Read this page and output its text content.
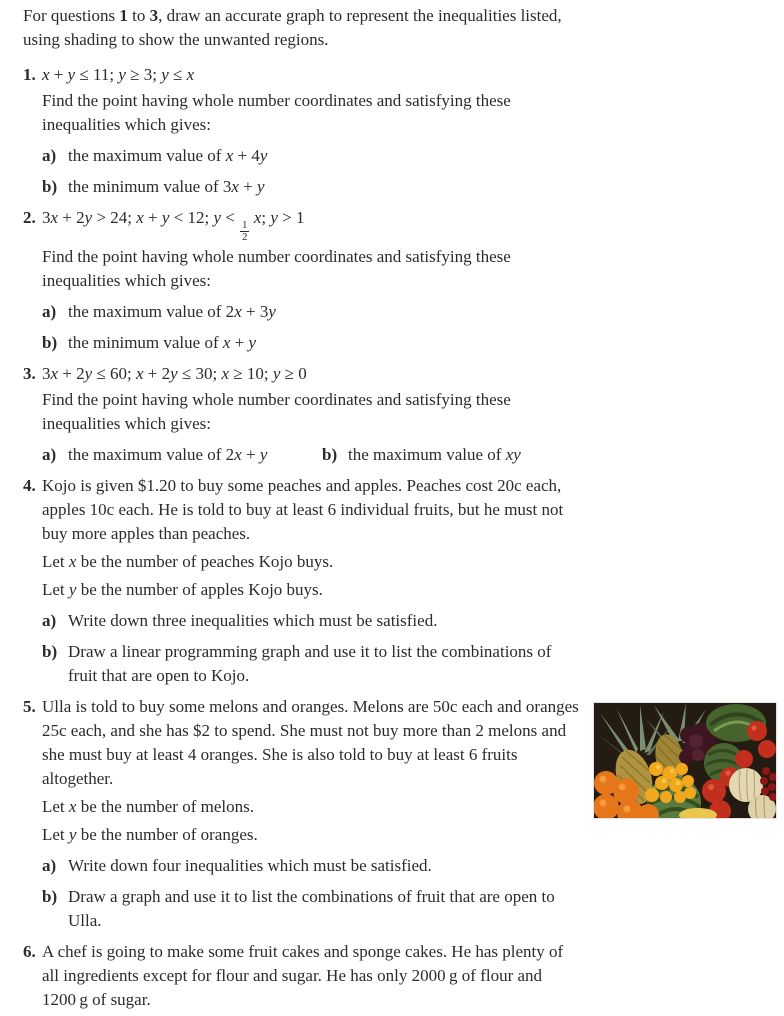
For questions 1 to 3, draw an accurate graph to represent the inequalities listed, using shading to show the unwanted regions.

1. x + y ≤ 11; y ≥ 3; y ≤ x

Find the point having whole number coordinates and satisfying these inequalities which gives:

a) the maximum value of x + 4y
b) the minimum value of 3x + y
2. 3x + 2y > 24; x + y < 12; y <
$\frac{1}{2}$
 x; y > 1

Find the point having whole number coordinates and satisfying these inequalities which gives:

a) the maximum value of 2x + 3y
b) the minimum value of x + y
3. 3x + 2y ≤ 60; x + 2y ≤ 30; x ≥ 10; y ≥ 0

Find the point having whole number coordinates and satisfying these inequalities which gives:

a) the maximum value of 2x + y	b) the maximum value of xy
4. Kojo is given $1.20 to buy some peaches and apples. Peaches cost 20c each, apples 10c each. He is told to buy at least 6 individual fruits, but he must not buy more apples than peaches.

Let x be the number of peaches Kojo buys.

Let y be the number of apples Kojo buys.

a) Write down three inequalities which must be satisfied.
b) Draw a linear programming graph and use it to list the combinations of fruit that are open to Kojo.
5. Ulla is told to buy some melons and oranges. Melons are 50c each and oranges 25c each, and she has $2 to spend. She must not buy more than 2 melons and she must buy at least 4 oranges. She is also told to buy at least 6 fruits altogether.

Let x be the number of melons.

Let y be the number of oranges.

a) Write down four inequalities which must be satisfied.
b) Draw a graph and use it to list the combinations of fruit that are open to Ulla.
6. A chef is going to make some fruit cakes and sponge cakes. He has plenty of all ingredients except for flour and sugar. He has only 2000 g of flour and 1200 g of sugar.
